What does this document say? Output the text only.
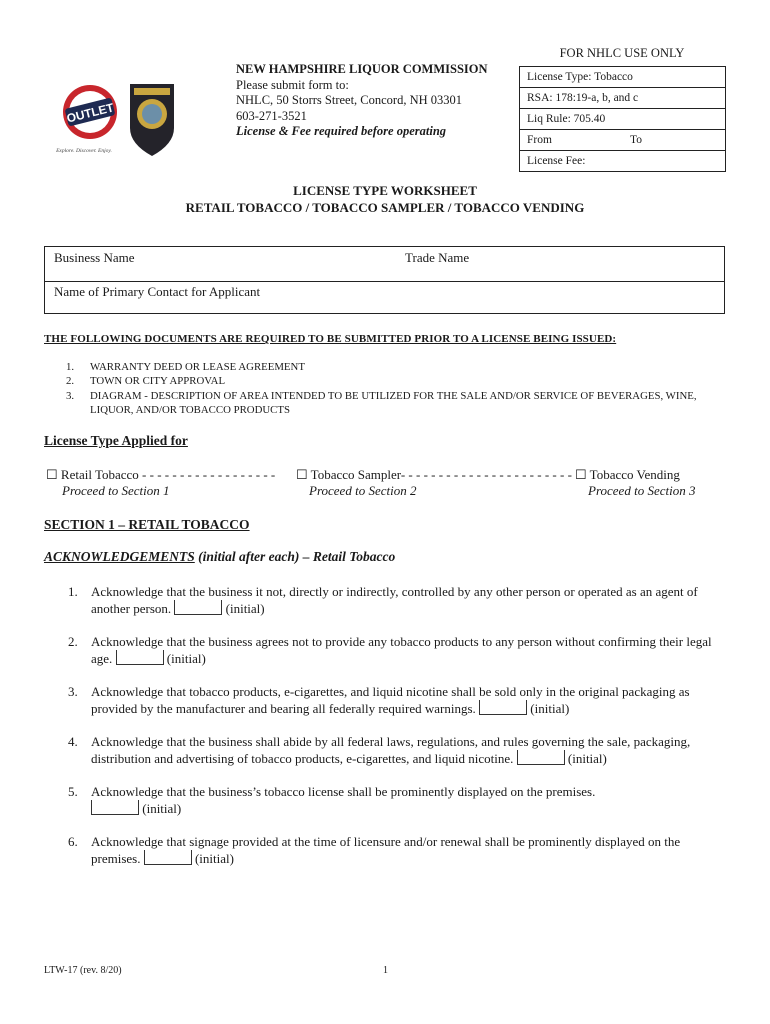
OUTLET
Explore. Discover. Enjoy.
NEW HAMPSHIRE LIQUOR COMMISSION
Please submit form to:
NHLC, 50 Storrs Street, Concord, NH 03301
603-271-3521
License & Fee required before operating
FOR NHLC USE ONLY
License Type: Tobacco
RSA: 178:19-a, b, and c
Liq Rule: 705.40
From	To
License Fee:
LICENSE TYPE WORKSHEET
RETAIL TOBACCO / TOBACCO SAMPLER / TOBACCO VENDING
Business Name	Trade Name
Name of Primary Contact for Applicant
THE FOLLOWING DOCUMENTS ARE REQUIRED TO BE SUBMITTED PRIOR TO A LICENSE BEING ISSUED:
1. WARRANTY DEED OR LEASE AGREEMENT
2. TOWN OR CITY APPROVAL
3. DIAGRAM - DESCRIPTION OF AREA INTENDED TO BE UTILIZED FOR THE SALE AND/OR SERVICE OF BEVERAGES, WINE, LIQUOR, AND/OR TOBACCO PRODUCTS
License Type Applied for
☐ Retail Tobacco - - - - - - - - - - - - - - - - - -
Proceed to Section 1
☐ Tobacco Sampler- - - - - - - - - - - - - - - - - - - - - - -
Proceed to Section 2
☐ Tobacco Vending
Proceed to Section 3
SECTION 1 – RETAIL TOBACCO
ACKNOWLEDGEMENTS (initial after each) – Retail Tobacco
1. Acknowledge that the business it not, directly or indirectly, controlled by any other person or operated as an agent of another person.	(initial)
2. Acknowledge that the business agrees not to provide any tobacco products to any person without confirming their legal age.	(initial)
3. Acknowledge that tobacco products, e-cigarettes, and liquid nicotine shall be sold only in the original packaging as provided by the manufacturer and bearing all federally required warnings.	(initial)
4. Acknowledge that the business shall abide by all federal laws, regulations, and rules governing the sale, packaging, distribution and advertising of tobacco products, e-cigarettes, and liquid nicotine.	(initial)
5. Acknowledge that the business’s tobacco license shall be prominently displayed on the premises.
(initial)
6. Acknowledge that signage provided at the time of licensure and/or renewal shall be prominently displayed on the premises.	(initial)
LTW-17 (rev. 8/20)	1
